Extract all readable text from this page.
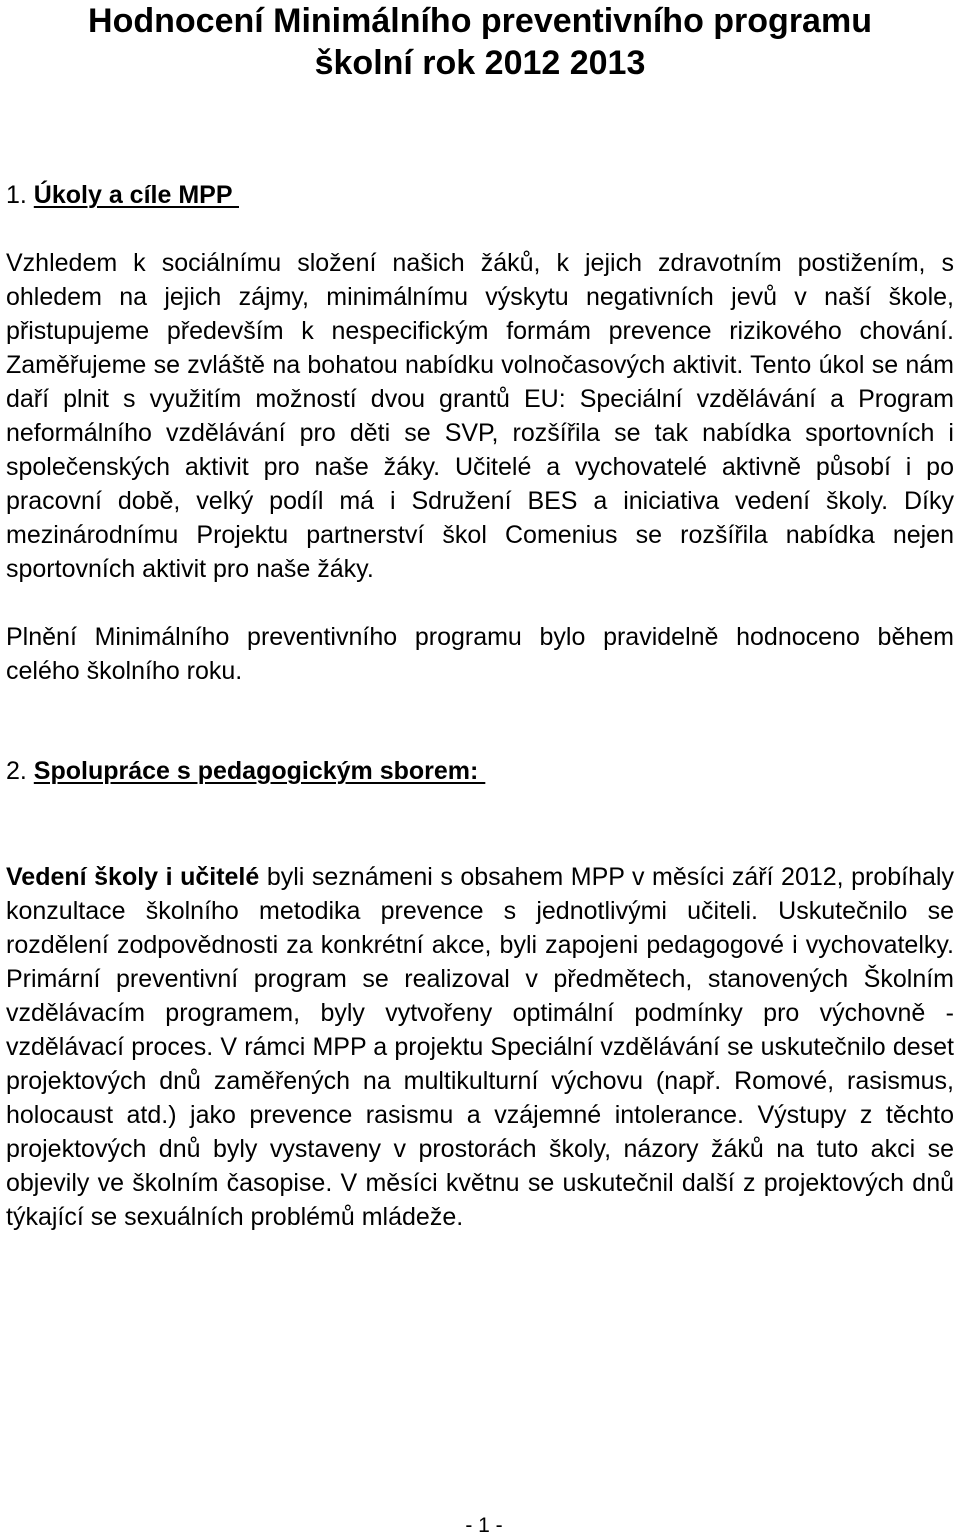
Hodnocení Minimálního preventivního programu
školní rok 2012 2013
1. Úkoly a cíle MPP

Vzhledem k sociálnímu složení našich žáků, k jejich zdravotním postižením, s ohledem na jejich zájmy, minimálnímu výskytu negativních jevů v naší škole, přistupujeme především k nespecifickým formám prevence rizikového chování. Zaměřujeme se zvláště na bohatou nabídku volnočasových aktivit. Tento úkol se nám daří plnit s využitím možností dvou grantů EU: Speciální vzdělávání a Program neformálního vzdělávání pro děti se SVP, rozšířila se tak nabídka sportovních i společenských aktivit pro naše žáky. Učitelé a vychovatelé aktivně působí i po pracovní době, velký podíl má i Sdružení BES a iniciativa vedení školy. Díky mezinárodnímu Projektu partnerství škol Comenius se rozšířila nabídka nejen sportovních aktivit pro naše žáky.

Plnění Minimálního preventivního programu bylo pravidelně hodnoceno během celého školního roku.

2. Spolupráce s pedagogickým sborem:

Vedení školy i učitelé byli seznámeni s obsahem MPP v měsíci září 2012, probíhaly konzultace školního metodika prevence s jednotlivými učiteli. Uskutečnilo se rozdělení zodpovědnosti za konkrétní akce, byli zapojeni pedagogové i vychovatelky. Primární preventivní program se realizoval v předmětech, stanovených Školním vzdělávacím programem, byly vytvořeny optimální podmínky pro výchovně - vzdělávací proces. V rámci MPP a projektu Speciální vzdělávání se uskutečnilo deset projektových dnů zaměřených na multikulturní výchovu (např. Romové, rasismus, holocaust atd.) jako prevence rasismu a vzájemné intolerance. Výstupy z těchto projektových dnů byly vystaveny v prostorách školy, názory žáků na tuto akci se objevily ve školním časopise. V měsíci květnu se uskutečnil další z projektových dnů týkající se sexuálních problémů mládeže.

- 1 -
